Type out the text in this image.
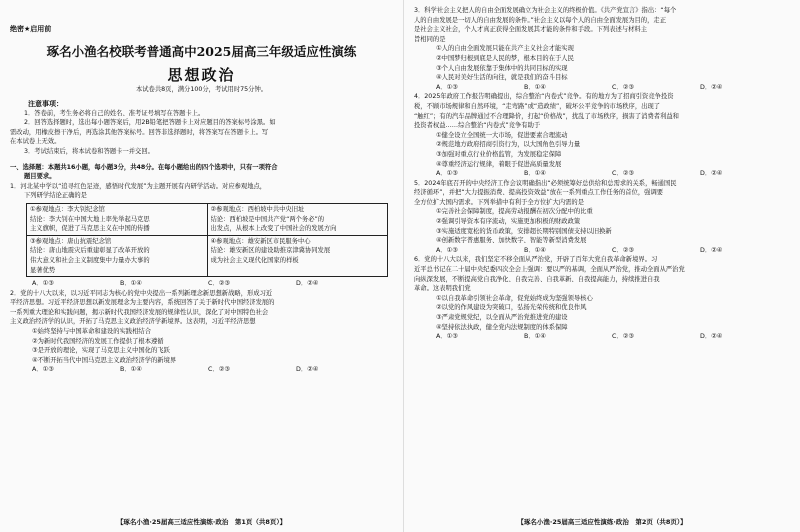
绝密★启用前
琢名小渔名校联考普通高中2025届高三年级适应性演练
思想政治
本试卷共8页，满分100分，考试用时75分钟。
注意事项：
1．答卷前，考生务必将自己的姓名、准考证号填写在答题卡上。
2．回答选择题时，选出每小题答案后，用2B铅笔把答题卡上对应题目的答案标号涂黑。如
需改动，用橡皮擦干净后，再选涂其他答案标号。回答非选择题时，将答案写在答题卡上。写
在本试卷上无效。
3．考试结束后，将本试卷和答题卡一并交回。
一、选择题：本题共16小题，每小题3分，共48分。在每小题给出的四个选项中，只有一项符合
题目要求。
1．河北某中学以“追寻红色足迹，感悟时代发展”为主题开展有内研学活动。对应参观地点，
下列研学结论正确的是
①参观地点：李大钊纪念馆
结论：李大钊在中国大地上率先举起马克思
主义旗帜，促进了马克思主义在中国的传播
②参观地点：西柏坡中共中央旧址
结论：西柏坡是中国共产党“两个务必”的
出发点，从根本上改变了中国社会的发展方向
③参观地点：唐山抗震纪念馆
结论：唐山地震灾后重建彰显了改革开放的
伟大意义和社会主义制度集中力量办大事的
显著优势
④参观地点：雄安新区市民服务中心
结论：雄安新区的建设助推京津冀协同发展
成为社会主义现代化国家的样板
A．①③	B．①④	C．②③	D．②④
2．党的十八大以来，以习近平同志为核心的党中央提出一系列新理念新思想新战略，形成习近
平经济思想。习近平经济思想以新发展理念为主要内容，系统回答了关于新时代中国经济发展的
一系列重大理论和实践问题，揭示新时代我国经济发展的规律性认识，深化了对中国特色社会
主义政治经济学的认识，开拓了马克思主义政治经济学新境界。这表明，习近平经济思想
①始终坚持与中国革命和建设的实践相结合
②为新时代我国经济的发展工作提供了根本遵循
③是开放的理论，实现了马克思主义中国化的飞跃
④不断开拓当代中国马克思主义政治经济学的新境界
A．①③	B．①④	C．②③	D．②④
【琢名小渔·25届高三适应性演练·政治　第1页（共8页）】
3．科学社会主义把人的自由全面发展确立为社会主义的终极价值。《共产党宣言》指出：“每个
人的自由发展是一切人的自由发展的条件。”社会主义以每个人的自由全面发展为目的，走正
是社会主义社会，个人才真正获得全面发展其才能的条件和手段。下列表述与材料主
旨相同的是
①人的自由全面发展只能在共产主义社会才能实现
②中国梦归根到底是人民的梦，根本目的在于人民
③个人自由发展依靠于集体中的共同目标的实现
④人民对美好生活的向往，就是我们的奋斗目标
A．①③	B．①④	C．②③	D．②④
4．2025年政府工作报告明确提出，综合整治“内卷式”竞争。有的地方为了招商引资竞争投资
税，不顾市场规律和自然环境，“走弯路”或“造政绩”，破坏公平竞争的市场秩序，出现了
“触红”；有的汽车品牌通过不合理降价，打起“价格战”，扰乱了市场秩序，损害了消费者利益和
投资者权益……综合整治“内卷式”竞争有助于
①健全设立全国统一大市场，促进要素合理流动
②规范地方政府招商引资行为，以大国角色引导力量
③加强对重点行业价格监管，为发展稳定保障
④尊重经济运行规律，着眼于促进高质量发展
A．①③	B．①④	C．②③	D．②④
5．2024年底召开的中央经济工作会议明确指出“必须统筹好总供给和总需求的关系，畅通国民
经济循环”，并把“大力提振消费、提高投资效益”放在一系列重点工作任务的首位，强调要
全方位扩大国内需求。下列举措中有利于全方位扩大内需的是
①完善社会保障制度，提高劳动报酬在初次分配中的比重
②强调引导资本有序流动，实施更加积极的财政政策
③实施适度宽松的货币政策，安排超长期特别国债支持以旧换新
④创新数字普惠服务、加快数字、智能等新型消费发展
A．①③	B．①④	C．②③	D．②④
6．党的十八大以来，我们坚定不移全面从严治党，开辟了百年大党自我革命新境界。习
近平总书记在二十届中央纪委四次全会上强调：要以严的基调，全面从严治党，推动全面从严治党
向纵深发展，不断提高党自我净化、自我完善、自我革新、自我提高能力，持续推进自我
革命。这表明我们党
①以自我革命引领社会革命，促党始终成为坚强领导核心
②以党的作风建设为突破口，弘扬光荣传统和优良作风
③严肃党规党纪，以全面从严治党推进党的建设
④坚持依法执政，健全党内法规制度的体系保障
A．①③	B．①④	C．②③	D．②④
【琢名小渔·25届高三适应性演练·政治　第2页（共8页）】
